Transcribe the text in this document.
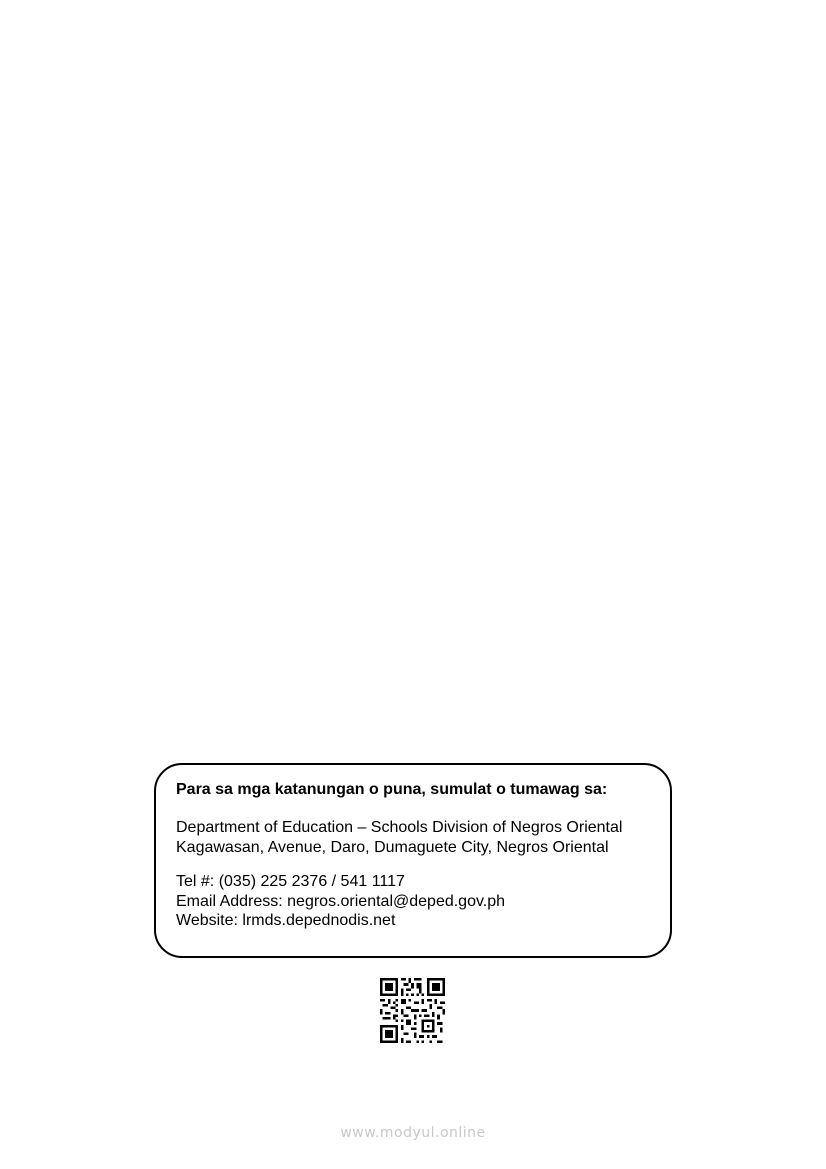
Para sa mga katanungan o puna, sumulat o tumawag sa:
Department of Education – Schools Division of Negros Oriental
Kagawasan, Avenue, Daro, Dumaguete City, Negros Oriental
Tel #: (035) 225 2376 / 541 1117
Email Address: negros.oriental@deped.gov.ph
Website: lrmds.depednodis.net
www.modyul.online
